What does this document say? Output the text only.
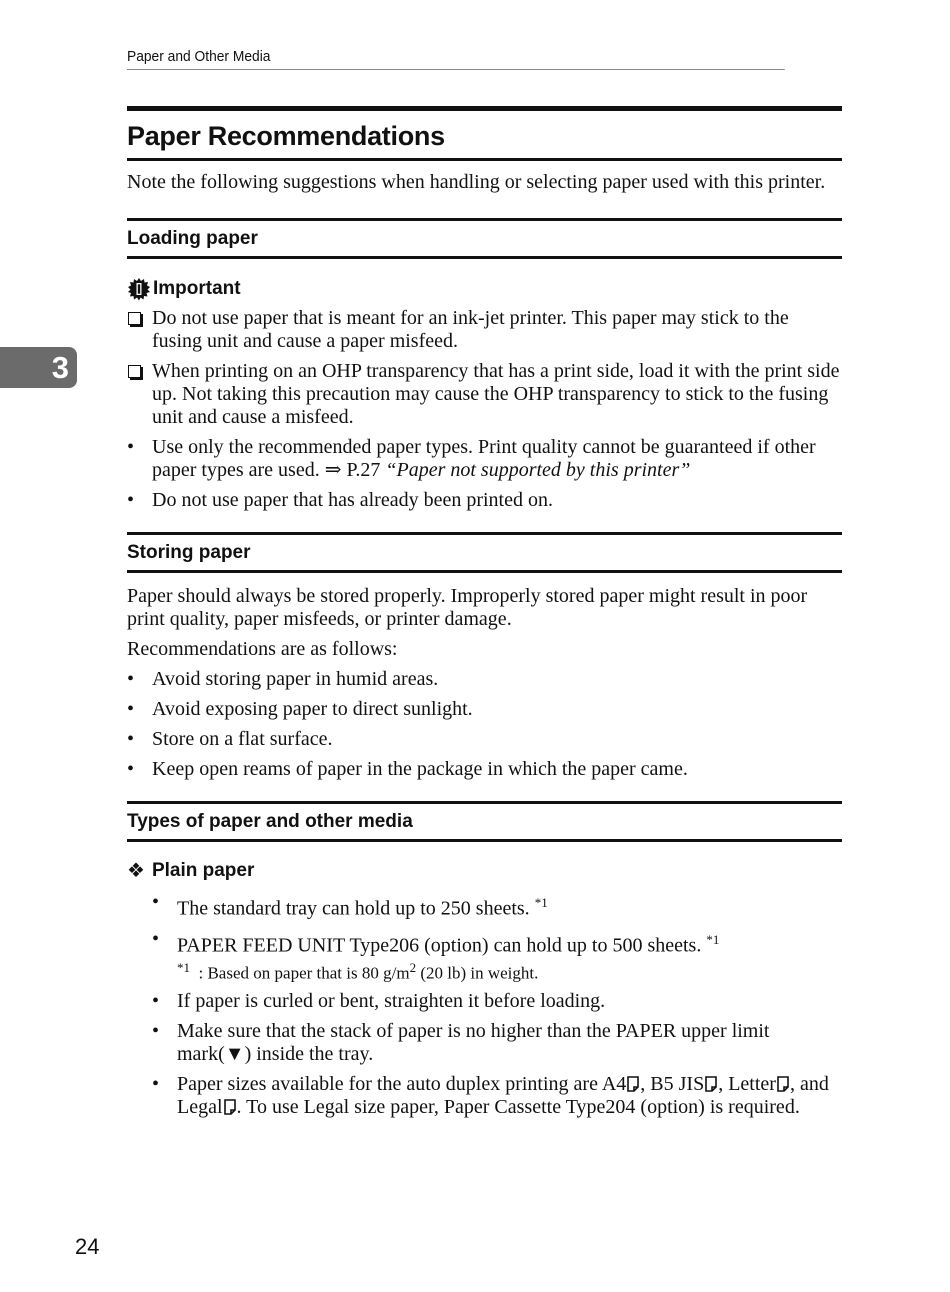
Paper and Other Media
3
Paper Recommendations

Note the following suggestions when handling or selecting paper used with this printer.

Loading paper
Important
Do not use paper that is meant for an ink-jet printer. This paper may stick to the fusing unit and cause a paper misfeed.
When printing on an OHP transparency that has a print side, load it with the print side up. Not taking this precaution may cause the OHP transparency to stick to the fusing unit and cause a misfeed.
• Use only the recommended paper types. Print quality cannot be guaranteed if other paper types are used. ⇒ P.27 “Paper not supported by this printer”
• Do not use paper that has already been printed on.
Storing paper

Paper should always be stored properly. Improperly stored paper might result in poor print quality, paper misfeeds, or printer damage.

Recommendations are as follows:

• Avoid storing paper in humid areas.
• Avoid exposing paper to direct sunlight.
• Store on a flat surface.
• Keep open reams of paper in the package in which the paper came.
Types of paper and other media
❖ Plain paper
• The standard tray can hold up to 250 sheets. $^{*1}$
• PAPER FEED UNIT Type206 (option) can hold up to 500 sheets. $^{*1}$
$^{*1}$ : Based on paper that is 80 $g/m^2$ (20 lb) in weight.
• If paper is curled or bent, straighten it before loading.
• Make sure that the stack of paper is no higher than the PAPER upper limit mark(▼) inside the tray.
• Paper sizes available for the auto duplex printing are A4 , B5 JIS , Letter , and Legal . To use Legal size paper, Paper Cassette Type204 (option) is required.
24
